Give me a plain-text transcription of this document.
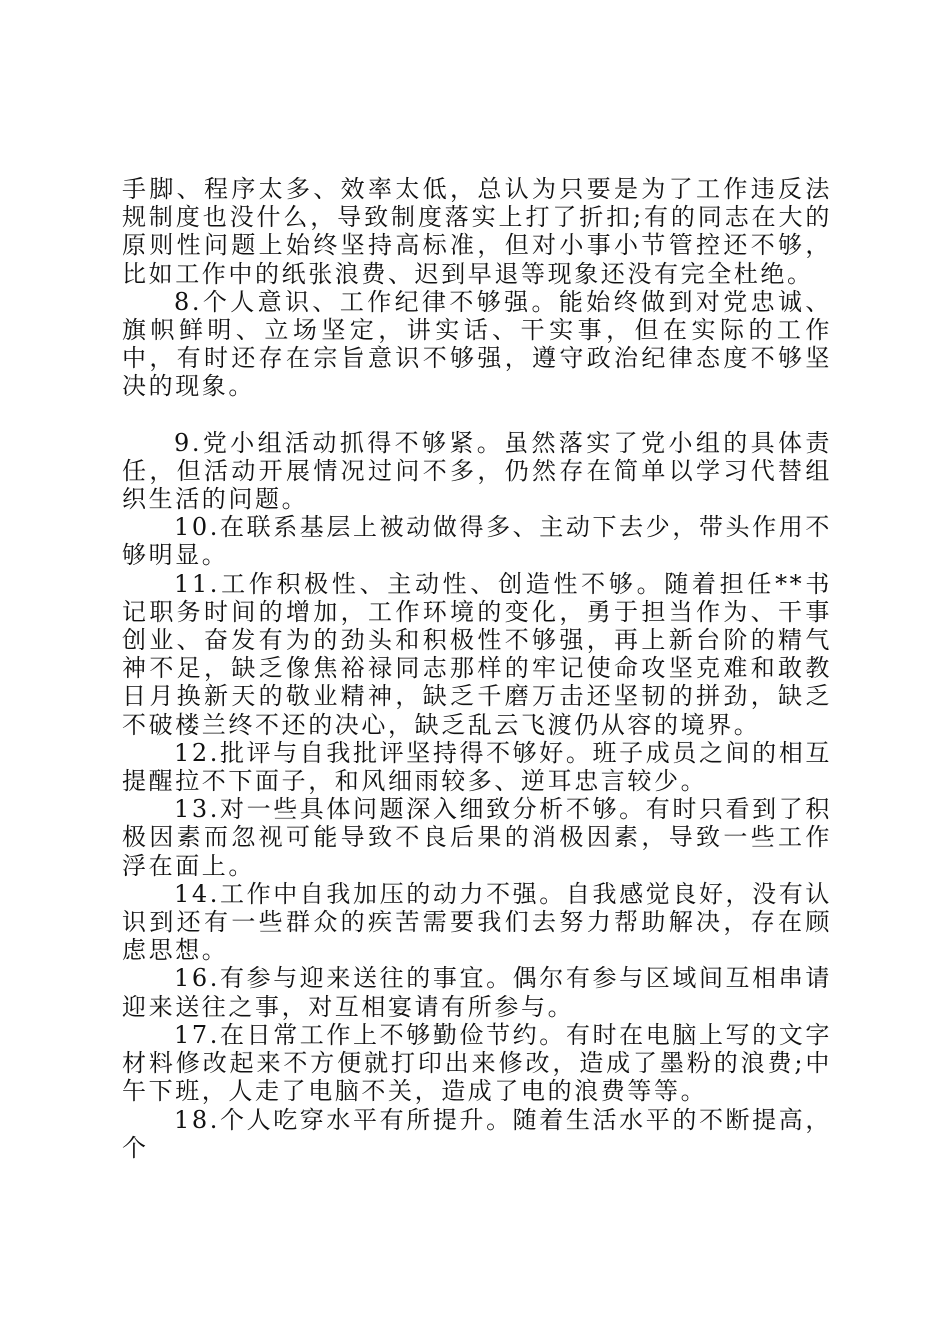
手脚、程序太多、效率太低，总认为只要是为了工作违反法规制度也没什么，导致制度落实上打了折扣;有的同志在大的原则性问题上始终坚持高标准，但对小事小节管控还不够，比如工作中的纸张浪费、迟到早退等现象还没有完全杜绝。

8.个人意识、工作纪律不够强。能始终做到对党忠诚、旗帜鲜明、立场坚定，讲实话、干实事，但在实际的工作中，有时还存在宗旨意识不够强，遵守政治纪律态度不够坚决的现象。

9.党小组活动抓得不够紧。虽然落实了党小组的具体责任，但活动开展情况过问不多，仍然存在简单以学习代替组织生活的问题。

10.在联系基层上被动做得多、主动下去少，带头作用不够明显。

11.工作积极性、主动性、创造性不够。随着担任**书记职务时间的增加，工作环境的变化，勇于担当作为、干事创业、奋发有为的劲头和积极性不够强，再上新台阶的精气神不足，缺乏像焦裕禄同志那样的牢记使命攻坚克难和敢教日月换新天的敬业精神，缺乏千磨万击还坚韧的拼劲，缺乏不破楼兰终不还的决心，缺乏乱云飞渡仍从容的境界。

12.批评与自我批评坚持得不够好。班子成员之间的相互提醒拉不下面子，和风细雨较多、逆耳忠言较少。

13.对一些具体问题深入细致分析不够。有时只看到了积极因素而忽视可能导致不良后果的消极因素，导致一些工作浮在面上。

14.工作中自我加压的动力不强。自我感觉良好，没有认识到还有一些群众的疾苦需要我们去努力帮助解决，存在顾虑思想。

16.有参与迎来送往的事宜。偶尔有参与区域间互相串请迎来送往之事，对互相宴请有所参与。

17.在日常工作上不够勤俭节约。有时在电脑上写的文字材料修改起来不方便就打印出来修改，造成了墨粉的浪费;中午下班，人走了电脑不关，造成了电的浪费等等。

18.个人吃穿水平有所提升。随着生活水平的不断提高，个
